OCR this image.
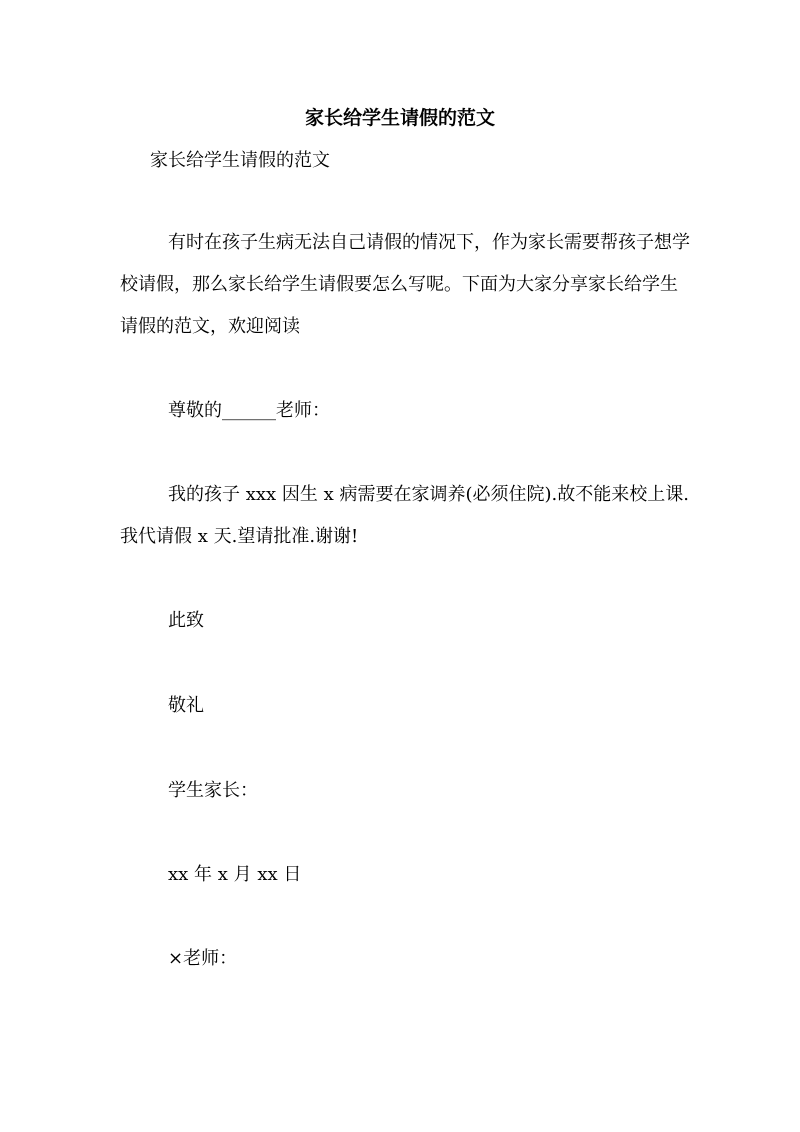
家长给学生请假的范文
家长给学生请假的范文
有时在孩子生病无法自己请假的情况下，作为家长需要帮孩子想学校请假，那么家长给学生请假要怎么写呢。下面为大家分享家长给学生请假的范文，欢迎阅读
尊敬的______老师：
我的孩子 xxx 因生 x 病需要在家调养(必须住院).故不能来校上课.我代请假 x 天.望请批准.谢谢!
此致
敬礼
学生家长：
xx 年 x 月 xx 日
×老师：
